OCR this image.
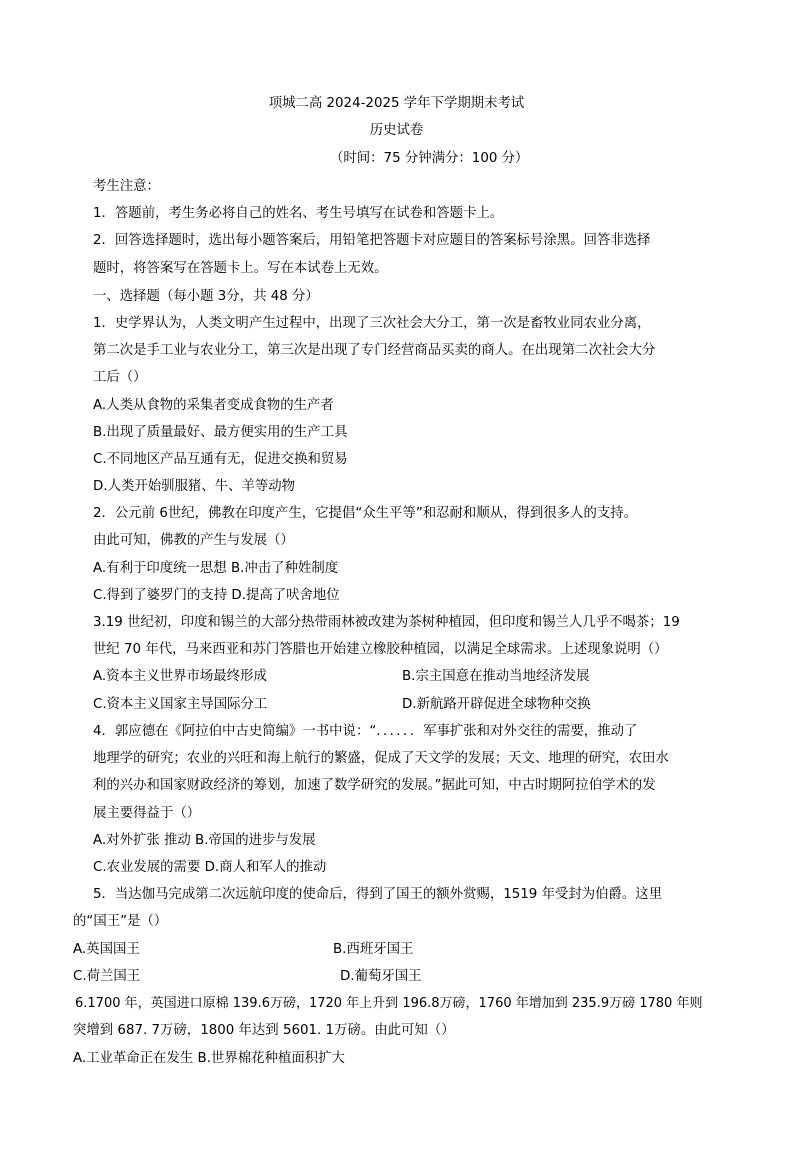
项城二高 2024-2025 学年下学期期末考试
历史试卷
（时间：75 分钟满分：100 分）
考生注意：
1．答题前，考生务必将自己的姓名、考生号填写在试卷和答题卡上。
2．回答选择题时，选出每小题答案后，用铅笔把答题卡对应题目的答案标号涂黑。回答非选择
题时，将答案写在答题卡上。写在本试卷上无效。
一、选择题（每小题 3分，共 48 分）
1．史学界认为，人类文明产生过程中，出现了三次社会大分工，第一次是畜牧业同农业分离，
第二次是手工业与农业分工，第三次是出现了专门经营商品买卖的商人。在出现第二次社会大分
工后（）
A.人类从食物的采集者变成食物的生产者
B.出现了质量最好、最方便实用的生产工具
C.不同地区产品互通有无，促进交换和贸易
D.人类开始驯服猪、牛、羊等动物
2．公元前 6世纪，佛教在印度产生，它提倡“众生平等”和忍耐和顺从，得到很多人的支持。
由此可知，佛教的产生与发展（）
A.有利于印度统一思想 B.冲击了种姓制度
C.得到了婆罗门的支持 D.提高了吠舍地位
3.19 世纪初，印度和锡兰的大部分热带雨林被改建为茶树种植园，但印度和锡兰人几乎不喝茶；19
世纪 70 年代，马来西亚和苏门答腊也开始建立橡胶种植园，以满足全球需求。上述现象说明（）
A.资本主义世界市场最终形成	B.宗主国意在推动当地经济发展
C.资本主义国家主导国际分工	D.新航路开辟促进全球物种交换
4．郭应德在《阿拉伯中古史简编》一书中说：“．．．．．．军事扩张和对外交往的需要，推动了
地理学的研究；农业的兴旺和海上航行的繁盛，促成了天文学的发展；天文、地理的研究，农田水
利的兴办和国家财政经济的筹划，加速了数学研究的发展。”据此可知，中古时期阿拉伯学术的发
展主要得益于（）
A.对外扩张 推动 B.帝国的进步与发展
C.农业发展的需要 D.商人和军人的推动
5．当达伽马完成第二次远航印度的使命后，得到了国王的额外赏赐，1519 年受封为伯爵。这里
的“国王”是（）
A.英国国王	B.西班牙国王
C.荷兰国王	D.葡萄牙国王
6.1700 年，英国进口原棉 139.6万磅，1720 年上升到 196.8万磅，1760 年增加到 235.9万磅 1780 年则
突增到 687. 7万磅，1800 年达到 5601. 1万磅。由此可知（）
A.工业革命正在发生 B.世界棉花种植面积扩大
